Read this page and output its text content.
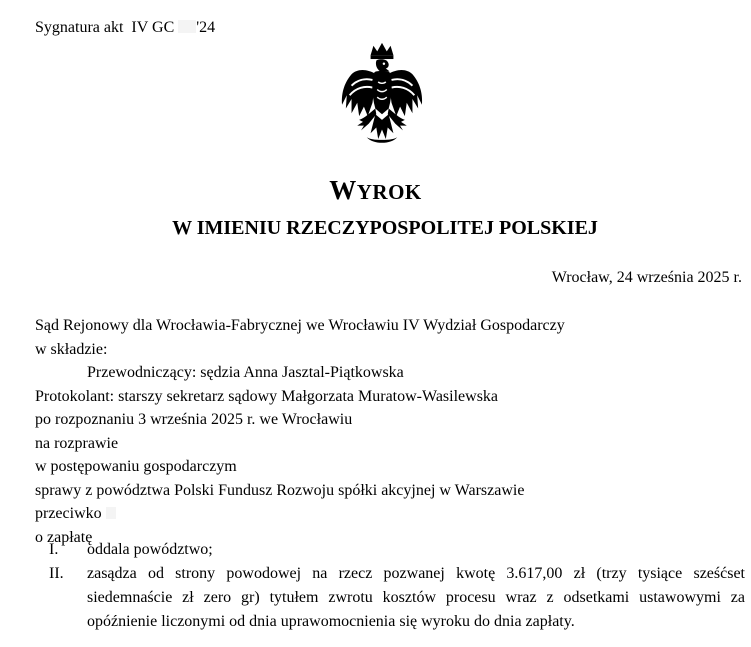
Sygnatura akt IV GC '24
WYROK
W IMIENIU RZECZYPOSPOLITEJ POLSKIEJ
Wrocław, 24 września 2025 r.
Sąd Rejonowy dla Wrocławia-Fabrycznej we Wrocławiu IV Wydział Gospodarczy
w składzie:
Przewodniczący: sędzia Anna Jasztal-Piątkowska
Protokolant: starszy sekretarz sądowy Małgorzata Muratow-Wasilewska
po rozpoznaniu 3 września 2025 r. we Wrocławiu
na rozprawie
w postępowaniu gospodarczym
sprawy z powództwa Polski Fundusz Rozwoju spółki akcyjnej w Warszawie
przeciwko
o zapłatę
I. oddala powództwo;
II. zasądza od strony powodowej na rzecz pozwanej kwotę 3.617,00 zł (trzy tysiące sześćset siedemnaście zł zero gr) tytułem zwrotu kosztów procesu wraz z odsetkami ustawowymi za opóźnienie liczonymi od dnia uprawomocnienia się wyroku do dnia zapłaty.
